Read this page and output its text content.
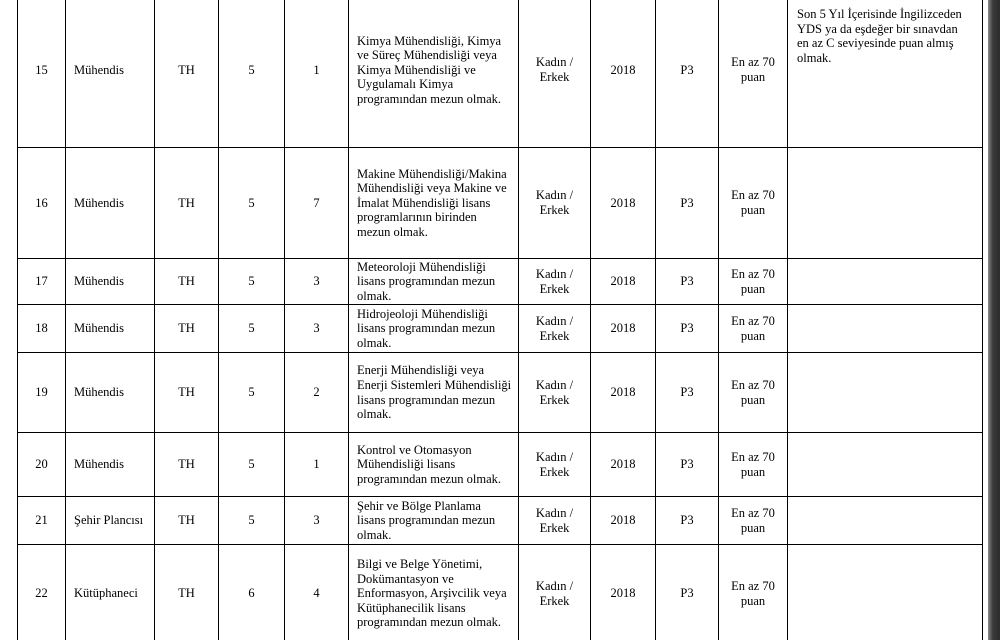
15	Mühendis	TH	5	1	Kimya Mühendisliği, Kimya ve Süreç Mühendisliği veya Kimya Mühendisliği ve Uygulamalı Kimya programından mezun olmak.	Kadın / Erkek	2018	P3	En az 70 puan	Son 5 Yıl İçerisinde İngilizceden YDS ya da eşdeğer bir sınavdan en az C seviyesinde puan almış olmak.
16	Mühendis	TH	5	7	Makine Mühendisliği/Makina Mühendisliği veya Makine ve İmalat Mühendisliği lisans programlarının birinden mezun olmak.	Kadın / Erkek	2018	P3	En az 70 puan	
17	Mühendis	TH	5	3	Meteoroloji Mühendisliği lisans programından mezun olmak.	Kadın / Erkek	2018	P3	En az 70 puan	
18	Mühendis	TH	5	3	Hidrojeoloji Mühendisliği lisans programından mezun olmak.	Kadın / Erkek	2018	P3	En az 70 puan	
19	Mühendis	TH	5	2	Enerji Mühendisliği veya Enerji Sistemleri Mühendisliği lisans programından mezun olmak.	Kadın / Erkek	2018	P3	En az 70 puan	
20	Mühendis	TH	5	1	Kontrol ve Otomasyon Mühendisliği lisans programından mezun olmak.	Kadın / Erkek	2018	P3	En az 70 puan	
21	Şehir Plancısı	TH	5	3	Şehir ve Bölge Planlama lisans programından mezun olmak.	Kadın / Erkek	2018	P3	En az 70 puan	
22	Kütüphaneci	TH	6	4	Bilgi ve Belge Yönetimi, Dokümantasyon ve Enformasyon, Arşivcilik veya Kütüphanecilik lisans programından mezun olmak.	Kadın / Erkek	2018	P3	En az 70 puan	
